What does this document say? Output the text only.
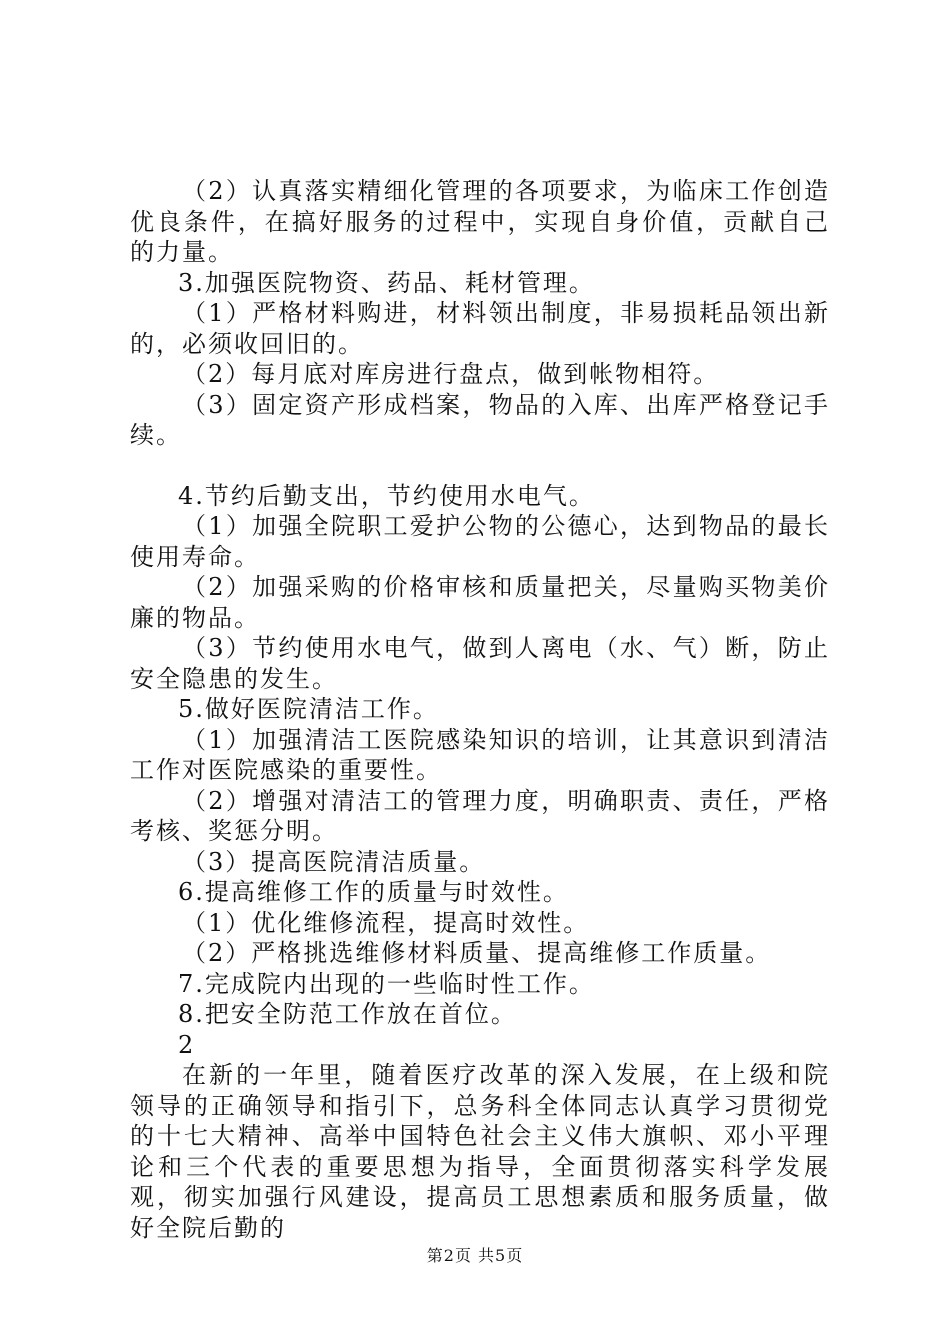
（2）认真落实精细化管理的各项要求，为临床工作创造优良条件，在搞好服务的过程中，实现自身价值，贡献自己的力量。

3.加强医院物资、药品、耗材管理。

（1）严格材料购进，材料领出制度，非易损耗品领出新的，必须收回旧的。

（2）每月底对库房进行盘点，做到帐物相符。

（3）固定资产形成档案，物品的入库、出库严格登记手续。

4.节约后勤支出，节约使用水电气。

（1）加强全院职工爱护公物的公德心，达到物品的最长使用寿命。

（2）加强采购的价格审核和质量把关，尽量购买物美价廉的物品。

（3）节约使用水电气，做到人离电（水、气）断，防止安全隐患的发生。

5.做好医院清洁工作。

（1）加强清洁工医院感染知识的培训，让其意识到清洁工作对医院感染的重要性。

（2）增强对清洁工的管理力度，明确职责、责任，严格考核、奖惩分明。

（3）提高医院清洁质量。

6.提高维修工作的质量与时效性。

（1）优化维修流程，提高时效性。

（2）严格挑选维修材料质量、提高维修工作质量。

7.完成院内出现的一些临时性工作。

8.把安全防范工作放在首位。

2

在新的一年里，随着医疗改革的深入发展，在上级和院领导的正确领导和指引下，总务科全体同志认真学习贯彻党的十七大精神、高举中国特色社会主义伟大旗帜、邓小平理论和三个代表的重要思想为指导，全面贯彻落实科学发展观，彻实加强行风建设，提高员工思想素质和服务质量，做好全院后勤的

第2页 共5页
